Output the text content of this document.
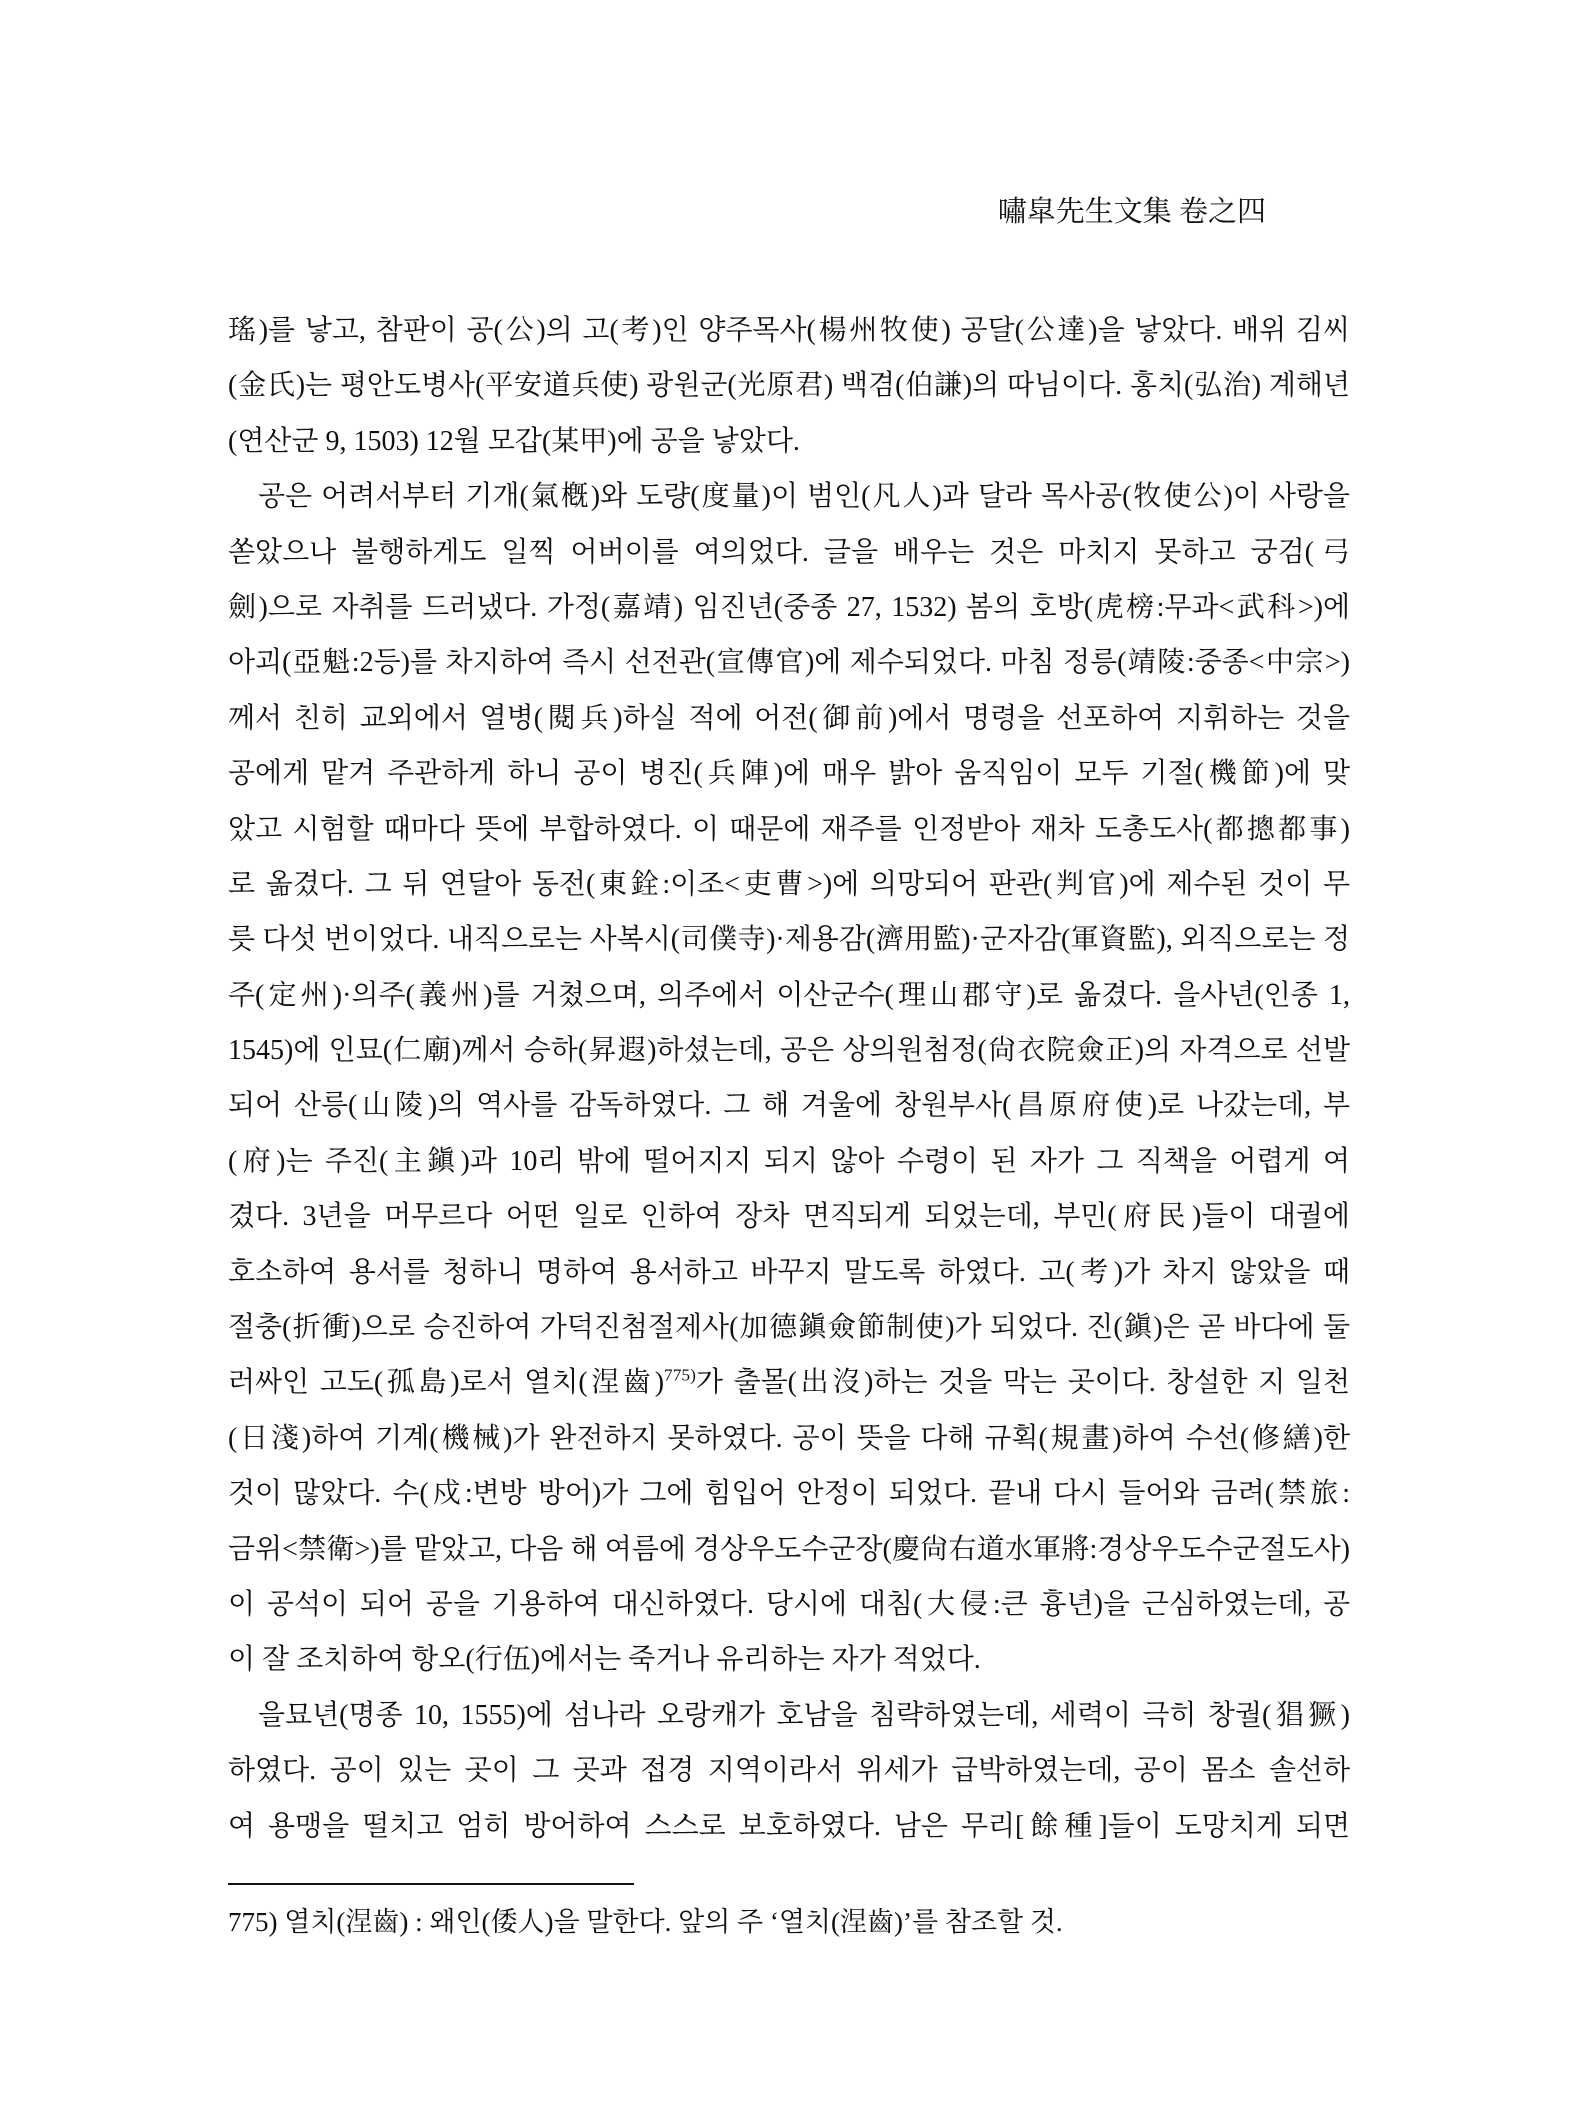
嘯皐先生文集 卷之四
瑤)를 낳고, 참판이 공(公)의 고(考)인 양주목사(楊州牧使) 공달(公達)을 낳았다. 배위 김씨
(金氏)는 평안도병사(平安道兵使) 광원군(光原君) 백겸(伯謙)의 따님이다. 홍치(弘治) 계해년
(연산군 9, 1503) 12월 모갑(某甲)에 공을 낳았다.
공은 어려서부터 기개(氣槪)와 도량(度量)이 범인(凡人)과 달라 목사공(牧使公)이 사랑을
쏟았으나 불행하게도 일찍 어버이를 여의었다. 글을 배우는 것은 마치지 못하고 궁검(弓
劍)으로 자취를 드러냈다. 가정(嘉靖) 임진년(중종 27, 1532) 봄의 호방(虎榜:무과<武科>)에
아괴(亞魁:2등)를 차지하여 즉시 선전관(宣傳官)에 제수되었다. 마침 정릉(靖陵:중종<中宗>)
께서 친히 교외에서 열병(閱兵)하실 적에 어전(御前)에서 명령을 선포하여 지휘하는 것을
공에게 맡겨 주관하게 하니 공이 병진(兵陣)에 매우 밝아 움직임이 모두 기절(機節)에 맞
았고 시험할 때마다 뜻에 부합하였다. 이 때문에 재주를 인정받아 재차 도총도사(都摠都事)
로 옮겼다. 그 뒤 연달아 동전(東銓:이조<吏曹>)에 의망되어 판관(判官)에 제수된 것이 무
릇 다섯 번이었다. 내직으로는 사복시(司僕寺)·제용감(濟用監)·군자감(軍資監), 외직으로는 정
주(定州)·의주(義州)를 거쳤으며, 의주에서 이산군수(理山郡守)로 옮겼다. 을사년(인종 1,
1545)에 인묘(仁廟)께서 승하(昇遐)하셨는데, 공은 상의원첨정(尙衣院僉正)의 자격으로 선발
되어 산릉(山陵)의 역사를 감독하였다. 그 해 겨울에 창원부사(昌原府使)로 나갔는데, 부
(府)는 주진(主鎭)과 10리 밖에 떨어지지 되지 않아 수령이 된 자가 그 직책을 어렵게 여
겼다. 3년을 머무르다 어떤 일로 인하여 장차 면직되게 되었는데, 부민(府民)들이 대궐에
호소하여 용서를 청하니 명하여 용서하고 바꾸지 말도록 하였다. 고(考)가 차지 않았을 때
절충(折衝)으로 승진하여 가덕진첨절제사(加德鎭僉節制使)가 되었다. 진(鎭)은 곧 바다에 둘
러싸인 고도(孤島)로서 열치(涅齒)$^{775)}$가 출몰(出沒)하는 것을 막는 곳이다. 창설한 지 일천
(日淺)하여 기계(機械)가 완전하지 못하였다. 공이 뜻을 다해 규획(規畫)하여 수선(修繕)한
것이 많았다. 수(戍:변방 방어)가 그에 힘입어 안정이 되었다. 끝내 다시 들어와 금려(禁旅:
금위<禁衛>)를 맡았고, 다음 해 여름에 경상우도수군장(慶尙右道水軍將:경상우도수군절도사)
이 공석이 되어 공을 기용하여 대신하였다. 당시에 대침(大侵:큰 흉년)을 근심하였는데, 공
이 잘 조치하여 항오(行伍)에서는 죽거나 유리하는 자가 적었다.
을묘년(명종 10, 1555)에 섬나라 오랑캐가 호남을 침략하였는데, 세력이 극히 창궐(猖獗)
하였다. 공이 있는 곳이 그 곳과 접경 지역이라서 위세가 급박하였는데, 공이 몸소 솔선하
여 용맹을 떨치고 엄히 방어하여 스스로 보호하였다. 남은 무리[餘種]들이 도망치게 되면
775) 열치(涅齒) : 왜인(倭人)을 말한다. 앞의 주 ‘열치(涅齒)’를 참조할 것.
